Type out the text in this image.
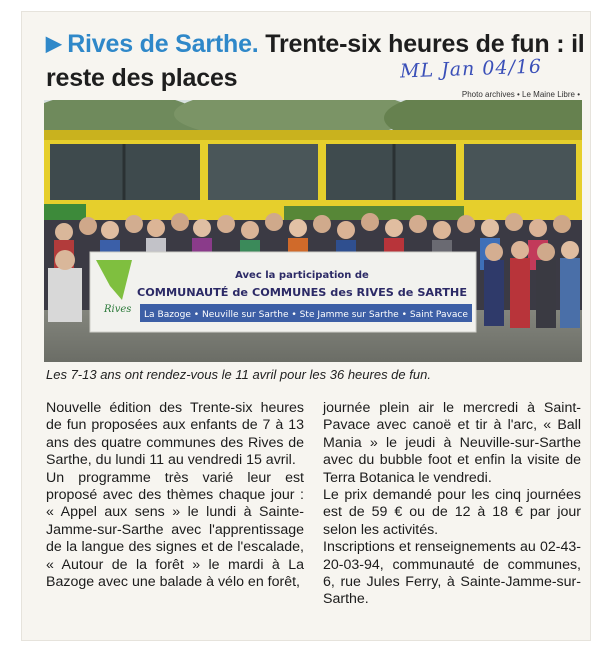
▶ Rives de Sarthe. Trente-six heures de fun : il reste des places	ML Jan 04/16
Photo archives • Le Maine Libre •
Rives
Avec la participation de
COMMUNAUTÉ de COMMUNES des RIVES de SARTHE
La Bazoge • Neuville sur Sarthe • Ste Jamme sur Sarthe • Saint Pavace
Les 7-13 ans ont rendez-vous le 11 avril pour les 36 heures de fun.

Nouvelle édition des Trente-six heures de fun proposées aux enfants de 7 à 13 ans des quatre communes des Rives de Sarthe, du lundi 11 au vendredi 15 avril.

Un programme très varié leur est proposé avec des thèmes chaque jour : « Appel aux sens » le lundi à Sainte-Jamme-sur-Sarthe avec l'apprentissage de la langue des signes et de l'escalade, « Autour de la forêt » le mardi à La Bazoge avec une balade à vélo en forêt,

journée plein air le mercredi à Saint-Pavace avec canoë et tir à l'arc, « Ball Mania » le jeudi à Neuville-sur-Sarthe avec du bubble foot et enfin la visite de Terra Botanica le vendredi.

Le prix demandé pour les cinq journées est de 59 € ou de 12 à 18 € par jour selon les activités.

Inscriptions et renseignements au 02-43-20-03-94, communauté de communes, 6, rue Jules Ferry, à Sainte-Jamme-sur-Sarthe.
